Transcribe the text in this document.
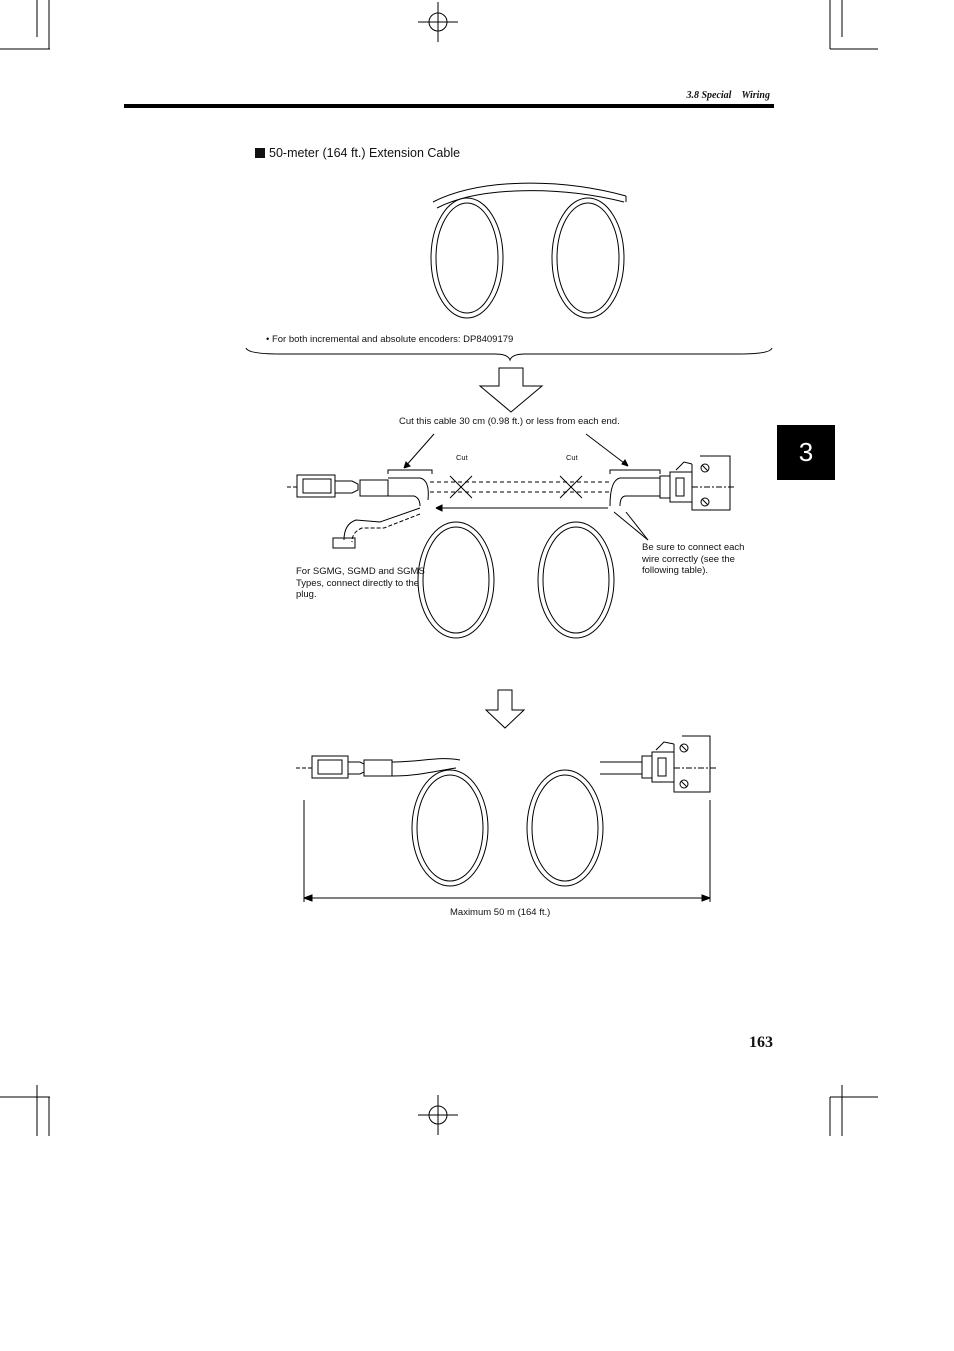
3.8 Special Wiring
50-meter (164 ft.) Extension Cable
• For both incremental and absolute encoders: DP8409179
Cut this cable 30 cm (0.98 ft.) or less from each end.
Cut	Cut
For SGMG, SGMD and SGMS Types, connect directly to the plug.
Be sure to connect each wire correctly (see the following table).
Maximum 50 m (164 ft.)
3
163
